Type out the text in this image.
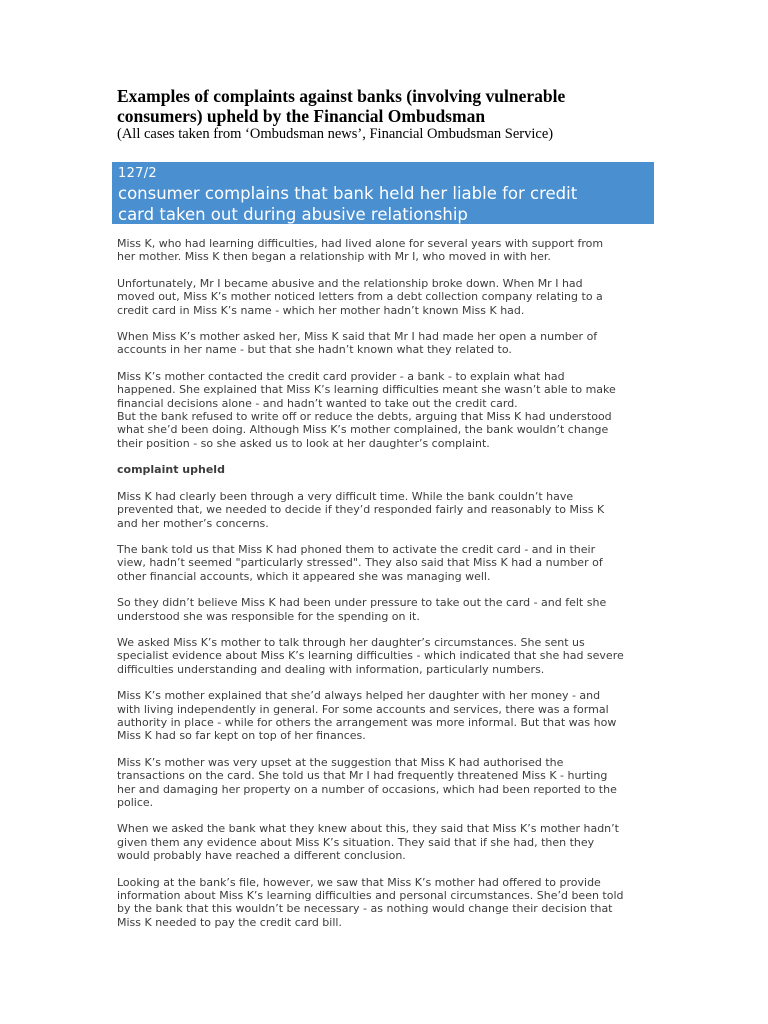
Examples of complaints against banks (involving vulnerable
consumers) upheld by the Financial Ombudsman

(All cases taken from ‘Ombudsman news’, Financial Ombudsman Service)

127/2
consumer complains that bank held her liable for credit
card taken out during abusive relationship

Miss K, who had learning difficulties, had lived alone for several years with support from
her mother. Miss K then began a relationship with Mr I, who moved in with her.

Unfortunately, Mr I became abusive and the relationship broke down. When Mr I had
moved out, Miss K’s mother noticed letters from a debt collection company relating to a
credit card in Miss K’s name - which her mother hadn’t known Miss K had.

When Miss K’s mother asked her, Miss K said that Mr I had made her open a number of
accounts in her name - but that she hadn’t known what they related to.

Miss K’s mother contacted the credit card provider - a bank - to explain what had
happened. She explained that Miss K’s learning difficulties meant she wasn’t able to make
financial decisions alone - and hadn’t wanted to take out the credit card.

But the bank refused to write off or reduce the debts, arguing that Miss K had understood
what she’d been doing. Although Miss K’s mother complained, the bank wouldn’t change
their position - so she asked us to look at her daughter’s complaint.

complaint upheld

Miss K had clearly been through a very difficult time. While the bank couldn’t have
prevented that, we needed to decide if they’d responded fairly and reasonably to Miss K
and her mother’s concerns.

The bank told us that Miss K had phoned them to activate the credit card - and in their
view, hadn’t seemed "particularly stressed". They also said that Miss K had a number of
other financial accounts, which it appeared she was managing well.

So they didn’t believe Miss K had been under pressure to take out the card - and felt she
understood she was responsible for the spending on it.

We asked Miss K’s mother to talk through her daughter’s circumstances. She sent us
specialist evidence about Miss K’s learning difficulties - which indicated that she had severe
difficulties understanding and dealing with information, particularly numbers.

Miss K’s mother explained that she’d always helped her daughter with her money - and
with living independently in general. For some accounts and services, there was a formal
authority in place - while for others the arrangement was more informal. But that was how
Miss K had so far kept on top of her finances.

Miss K’s mother was very upset at the suggestion that Miss K had authorised the
transactions on the card. She told us that Mr I had frequently threatened Miss K - hurting
her and damaging her property on a number of occasions, which had been reported to the
police.

When we asked the bank what they knew about this, they said that Miss K’s mother hadn’t
given them any evidence about Miss K’s situation. They said that if she had, then they
would probably have reached a different conclusion.

Looking at the bank’s file, however, we saw that Miss K’s mother had offered to provide
information about Miss K’s learning difficulties and personal circumstances. She’d been told
by the bank that this wouldn’t be necessary - as nothing would change their decision that
Miss K needed to pay the credit card bill.
